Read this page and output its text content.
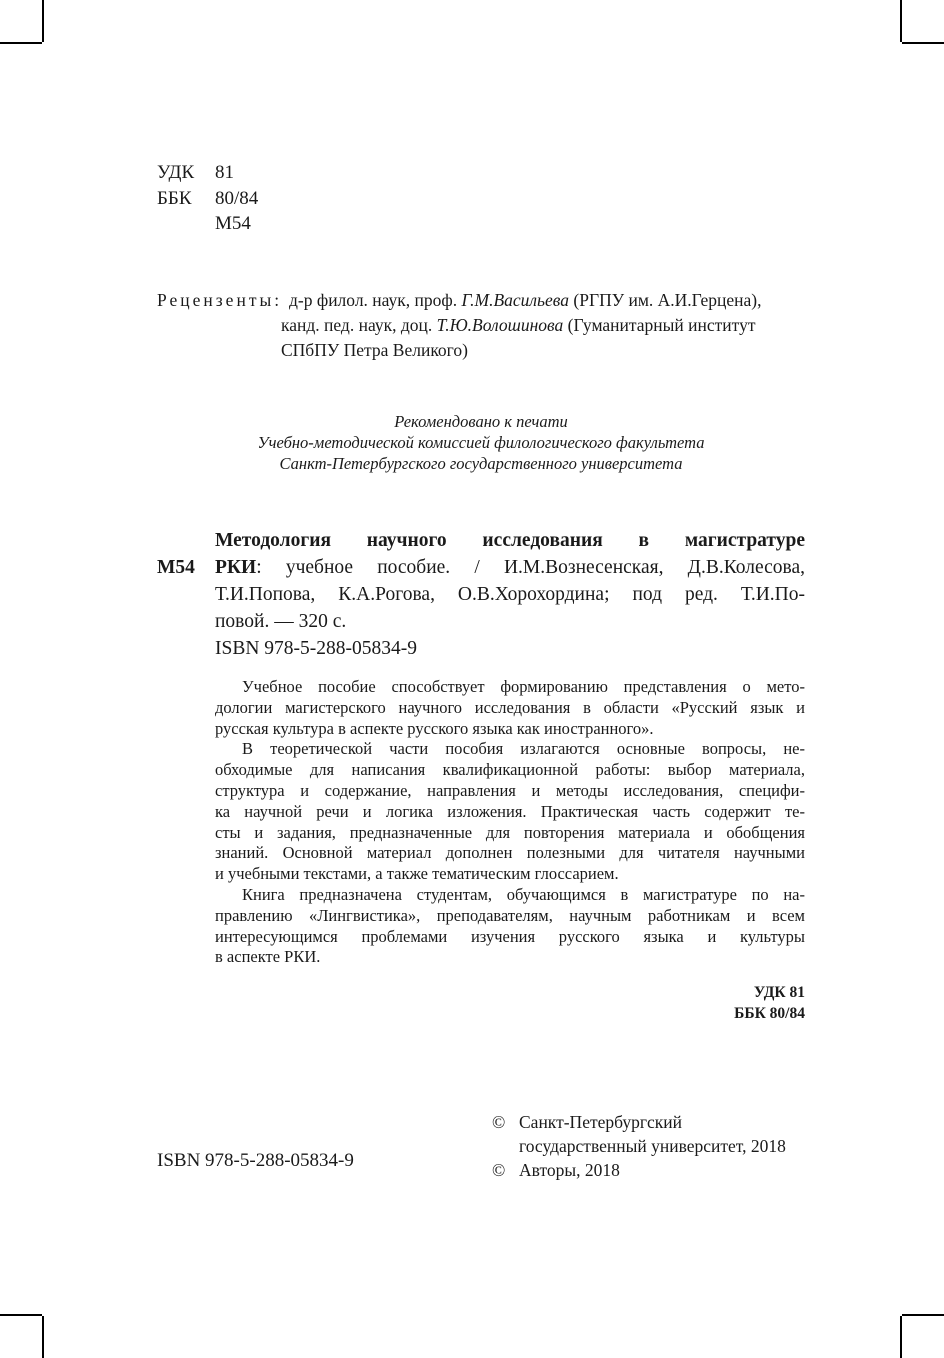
УДК	81
ББК	80/84
М54
Рецензенты: д-р филол. наук, проф. Г.М.Васильева (РГПУ им. А.И.Герцена),
канд. пед. наук, доц. Т.Ю.Волошинова (Гуманитарный институт
СПбПУ Петра Великого)
Рекомендовано к печати
Учебно-методической комиссией филологического факультета
Санкт-Петербургского государственного университета
М54
Методология научного исследования в магистратуре
РКИ: учебное пособие. / И.М.Вознесенская, Д.В.Колесова,
Т.И.Попова, К.А.Рогова, О.В.Хорохордина; под ред. Т.И.По-
повой. — 320 с.
ISBN 978-5-288-05834-9
Учебное пособие способствует формированию представления о мето-
дологии магистерского научного исследования в области «Русский язык и
русская культура в аспекте русского языка как иностранного».
В теоретической части пособия излагаются основные вопросы, не-
обходимые для написания квалификационной работы: выбор материала,
структура и содержание, направления и методы исследования, специфи-
ка научной речи и логика изложения. Практическая часть содержит те-
сты и задания, предназначенные для повторения материала и обобщения
знаний. Основной материал дополнен полезными для читателя научными
и учебными текстами, а также тематическим глоссарием.
Книга предназначена студентам, обучающимся в магистратуре по на-
правлению «Лингвистика», преподавателям, научным работникам и всем
интересующимся проблемами изучения русского языка и культуры
в аспекте РКИ.
УДК 81
ББК 80/84
ISBN 978-5-288-05834-9
© Санкт-Петербургский
государственный университет, 2018
© Авторы, 2018
